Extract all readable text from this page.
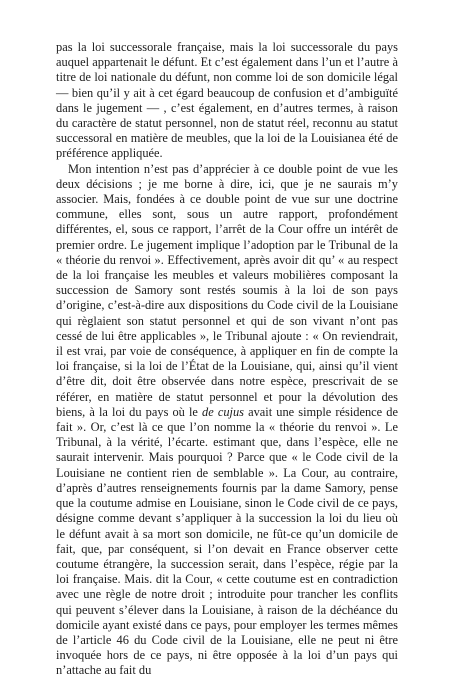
pas la loi successorale française, mais la loi successorale du pays auquel appartenait le défunt. Et c’est également dans l’un et l’autre à titre de loi nationale du défunt, non comme loi de son domicile légal — bien qu’il y ait à cet égard beaucoup de confusion et d’ambiguïté dans le jugement — , c’est également, en d’autres termes, à raison du caractère de statut personnel, non de statut réel, reconnu au statut successoral en matière de meubles, que la loi de la Louisianea été de préférence appliquée.

Mon intention n’est pas d’apprécier à ce double point de vue les deux décisions ; je me borne à dire, ici, que je ne saurais m’y associer. Mais, fondées à ce double point de vue sur une doctrine commune, elles sont, sous un autre rapport, profondément différentes, el, sous ce rapport, l’arrêt de la Cour offre un intérêt de premier ordre. Le jugement implique l’adoption par le Tribunal de la « théorie du renvoi ». Effectivement, après avoir dit qu’ « au respect de la loi française les meubles et valeurs mobilières composant la succession de Samory sont restés soumis à la loi de son pays d’origine, c’est-à-dire aux dispositions du Code civil de la Louisiane qui règlaient son statut personnel et qui de son vivant n’ont pas cessé de lui être applicables », le Tribunal ajoute : « On reviendrait, il est vrai, par voie de conséquence, à appliquer en fin de compte la loi française, si la loi de l’État de la Louisiane, qui, ainsi qu’il vient d’être dit, doit être observée dans notre espèce, prescrivait de se référer, en matière de statut personnel et pour la dévolution des biens, à la loi du pays où le de cujus avait une simple résidence de fait ». Or, c’est là ce que l’on nomme la « théorie du renvoi ». Le Tribunal, à la vérité, l’écarte. estimant que, dans l’espèce, elle ne saurait intervenir. Mais pourquoi ? Parce que « le Code civil de la Louisiane ne contient rien de semblable ». La Cour, au contraire, d’après d’autres renseignements fournis par la dame Samory, pense que la coutume admise en Louisiane, sinon le Code civil de ce pays, désigne comme devant s’appliquer à la succession la loi du lieu où le défunt avait à sa mort son domicile, ne fût-ce qu’un domicile de fait, que, par conséquent, si l’on devait en France observer cette coutume étrangère, la succession serait, dans l’espèce, régie par la loi française. Mais. dit la Cour, « cette coutume est en contradiction avec une règle de notre droit ; introduite pour trancher les conflits qui peuvent s’élever dans la Louisiane, à raison de la déchéance du domicile ayant existé dans ce pays, pour employer les termes mêmes de l’article 46 du Code civil de la Louisiane, elle ne peut ni être invoquée hors de ce pays, ni être opposée à la loi d’un pays qui n’attache au fait du
